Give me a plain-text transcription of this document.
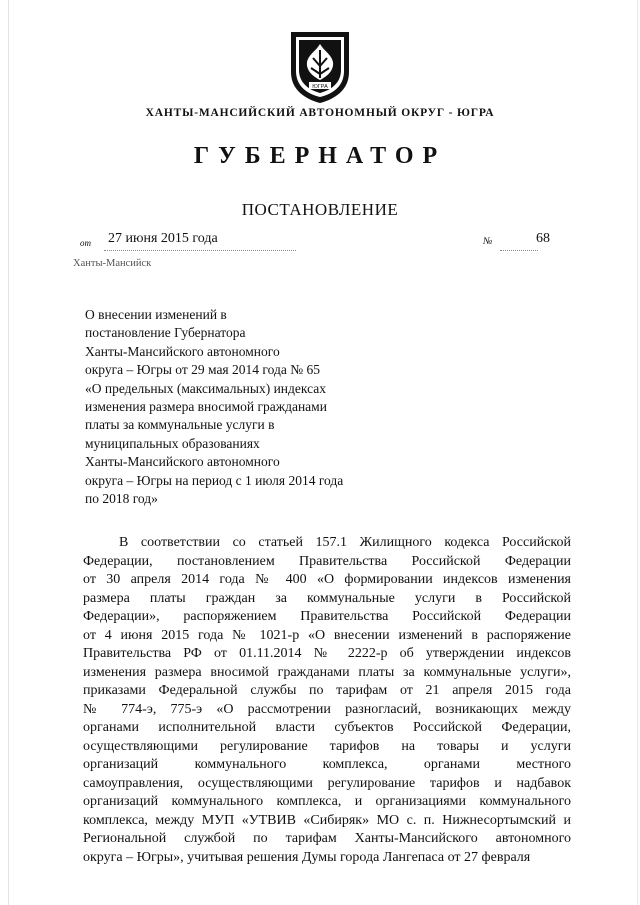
ЮГРА
ХАНТЫ-МАНСИЙСКИЙ АВТОНОМНЫЙ ОКРУГ - ЮГРА
ГУБЕРНАТОР
ПОСТАНОВЛЕНИЕ
от 27 июня 2015 года	№	68
Ханты-Мансийск
О внесении изменений в
постановление Губернатора
Ханты-Мансийского автономного
округа – Югры от 29 мая 2014 года № 65
«О предельных (максимальных) индексах
изменения размера вносимой гражданами
платы за коммунальные услуги в
муниципальных образованиях
Ханты-Мансийского автономного
округа – Югры на период с 1 июля 2014 года
по 2018 год»
В соответствии со статьей 157.1 Жилищного кодекса Российской
Федерации, постановлением Правительства Российской Федерации
от 30 апреля 2014 года № 400 «О формировании индексов изменения
размера платы граждан за коммунальные услуги в Российской
Федерации», распоряжением Правительства Российской Федерации
от 4 июня 2015 года № 1021-р «О внесении изменений в распоряжение
Правительства РФ от 01.11.2014 № 2222-р об утверждении индексов
изменения размера вносимой гражданами платы за коммунальные услуги»,
приказами Федеральной службы по тарифам от 21 апреля 2015 года
№ 774-э, 775-э «О рассмотрении разногласий, возникающих между
органами исполнительной власти субъектов Российской Федерации,
осуществляющими регулирование тарифов на товары и услуги
организаций коммунального комплекса, органами местного
самоуправления, осуществляющими регулирование тарифов и надбавок
организаций коммунального комплекса, и организациями коммунального
комплекса, между МУП «УТВИВ «Сибиряк» МО с. п. Нижнесортымский и
Региональной службой по тарифам Ханты-Мансийского автономного
округа – Югры», учитывая решения Думы города Лангепаса от 27 февраля
